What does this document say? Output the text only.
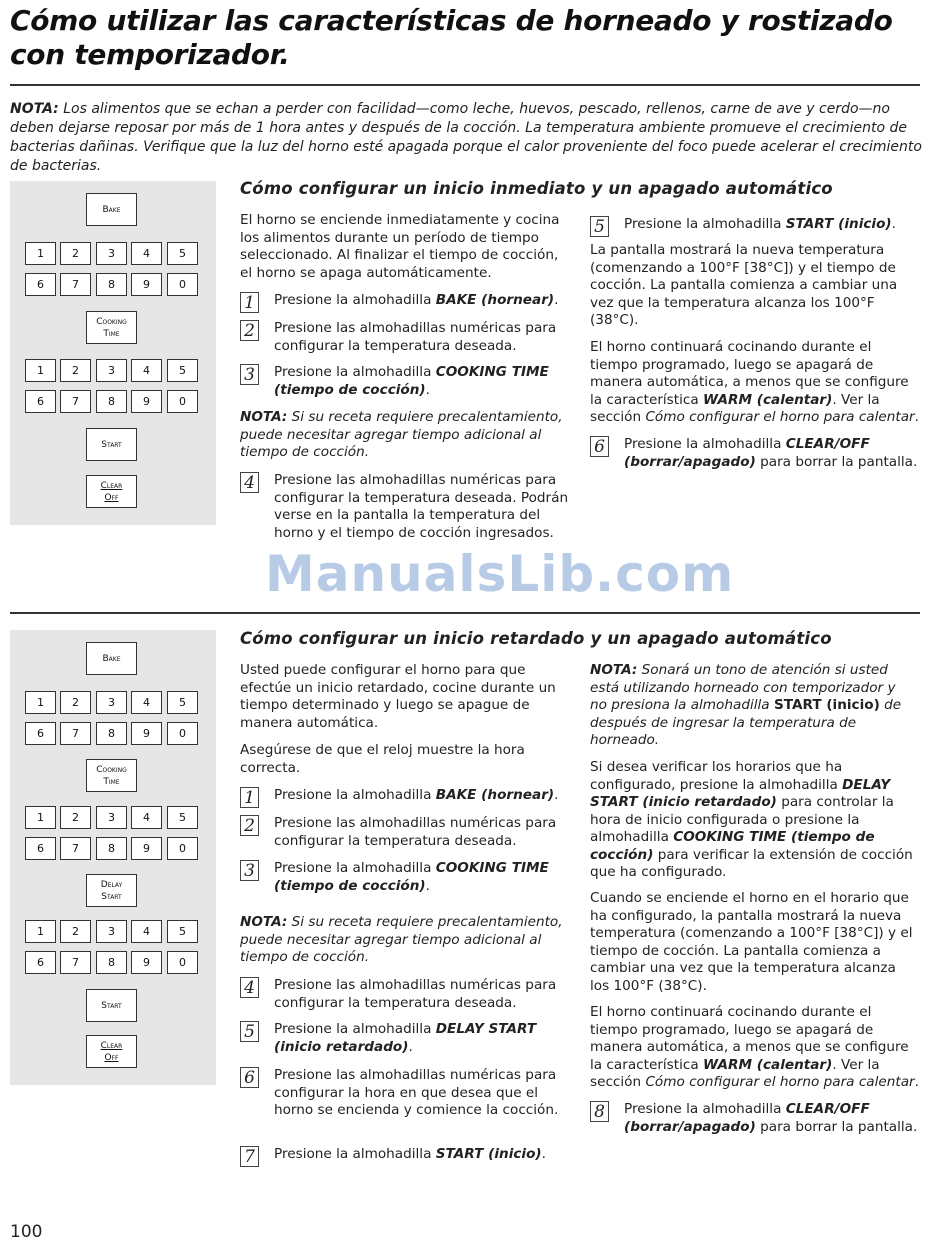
Cómo utilizar las características de horneado y rostizado con temporizador.
NOTA: Los alimentos que se echan a perder con facilidad—como leche, huevos, pescado, rellenos, carne de ave y cerdo—no deben dejarse reposar por más de 1 hora antes y después de la cocción. La temperatura ambiente promueve el crecimiento de bacterias dañinas. Verifique que la luz del horno esté apagada porque el calor proveniente del foco puede acelerar el crecimiento de bacterias.
Bake
1	2	3	4	5
6	7	8	9	0
Cooking
Time
1	2	3	4	5
6	7	8	9	0
Start
Clear
Off
Cómo configurar un inicio inmediato y un apagado automático
El horno se enciende inmediatamente y cocina los alimentos durante un período de tiempo seleccionado. Al finalizar el tiempo de cocción, el horno se apaga automáticamente.
1	Presione la almohadilla BAKE (hornear).
2	Presione las almohadillas numéricas para configurar la temperatura deseada.
3	Presione la almohadilla COOKING TIME (tiempo de cocción).
NOTA: Si su receta requiere precalentamiento, puede necesitar agregar tiempo adicional al tiempo de cocción.
4	Presione las almohadillas numéricas para configurar la temperatura deseada. Podrán verse en la pantalla la temperatura del horno y el tiempo de cocción ingresados.
5	Presione la almohadilla START (inicio).
La pantalla mostrará la nueva temperatura (comenzando a 100°F [38°C]) y el tiempo de cocción. La pantalla comienza a cambiar una vez que la temperatura alcanza los 100°F (38°C).
El horno continuará cocinando durante el tiempo programado, luego se apagará de manera automática, a menos que se configure la característica WARM (calentar). Ver la sección Cómo configurar el horno para calentar.
6	Presione la almohadilla CLEAR/OFF (borrar/apagado) para borrar la pantalla.
ManualsLib.com
Bake
1	2	3	4	5
6	7	8	9	0
Cooking
Time
1	2	3	4	5
6	7	8	9	0
Delay
Start
1	2	3	4	5
6	7	8	9	0
Start
Clear
Off
Cómo configurar un inicio retardado y un apagado automático
Usted puede configurar el horno para que efectúe un inicio retardado, cocine durante un tiempo determinado y luego se apague de manera automática.
Asegúrese de que el reloj muestre la hora correcta.
1	Presione la almohadilla BAKE (hornear).
2	Presione las almohadillas numéricas para configurar la temperatura deseada.
3	Presione la almohadilla COOKING TIME (tiempo de cocción).
NOTA: Si su receta requiere precalentamiento, puede necesitar agregar tiempo adicional al tiempo de cocción.
4	Presione las almohadillas numéricas para configurar la temperatura deseada.
5	Presione la almohadilla DELAY START (inicio retardado).
6	Presione las almohadillas numéricas para configurar la hora en que desea que el horno se encienda y comience la cocción.
7	Presione la almohadilla START (inicio).
NOTA: Sonará un tono de atención si usted está utilizando horneado con temporizador y no presiona la almohadilla START (inicio) de después de ingresar la temperatura de horneado.
Si desea verificar los horarios que ha configurado, presione la almohadilla DELAY START (inicio retardado) para controlar la hora de inicio configurada o presione la almohadilla COOKING TIME (tiempo de cocción) para verificar la extensión de cocción que ha configurado.
Cuando se enciende el horno en el horario que ha configurado, la pantalla mostrará la nueva temperatura (comenzando a 100°F [38°C]) y el tiempo de cocción. La pantalla comienza a cambiar una vez que la temperatura alcanza los 100°F (38°C).
El horno continuará cocinando durante el tiempo programado, luego se apagará de manera automática, a menos que se configure la característica WARM (calentar). Ver la sección Cómo configurar el horno para calentar.
8	Presione la almohadilla CLEAR/OFF (borrar/apagado) para borrar la pantalla.
100
